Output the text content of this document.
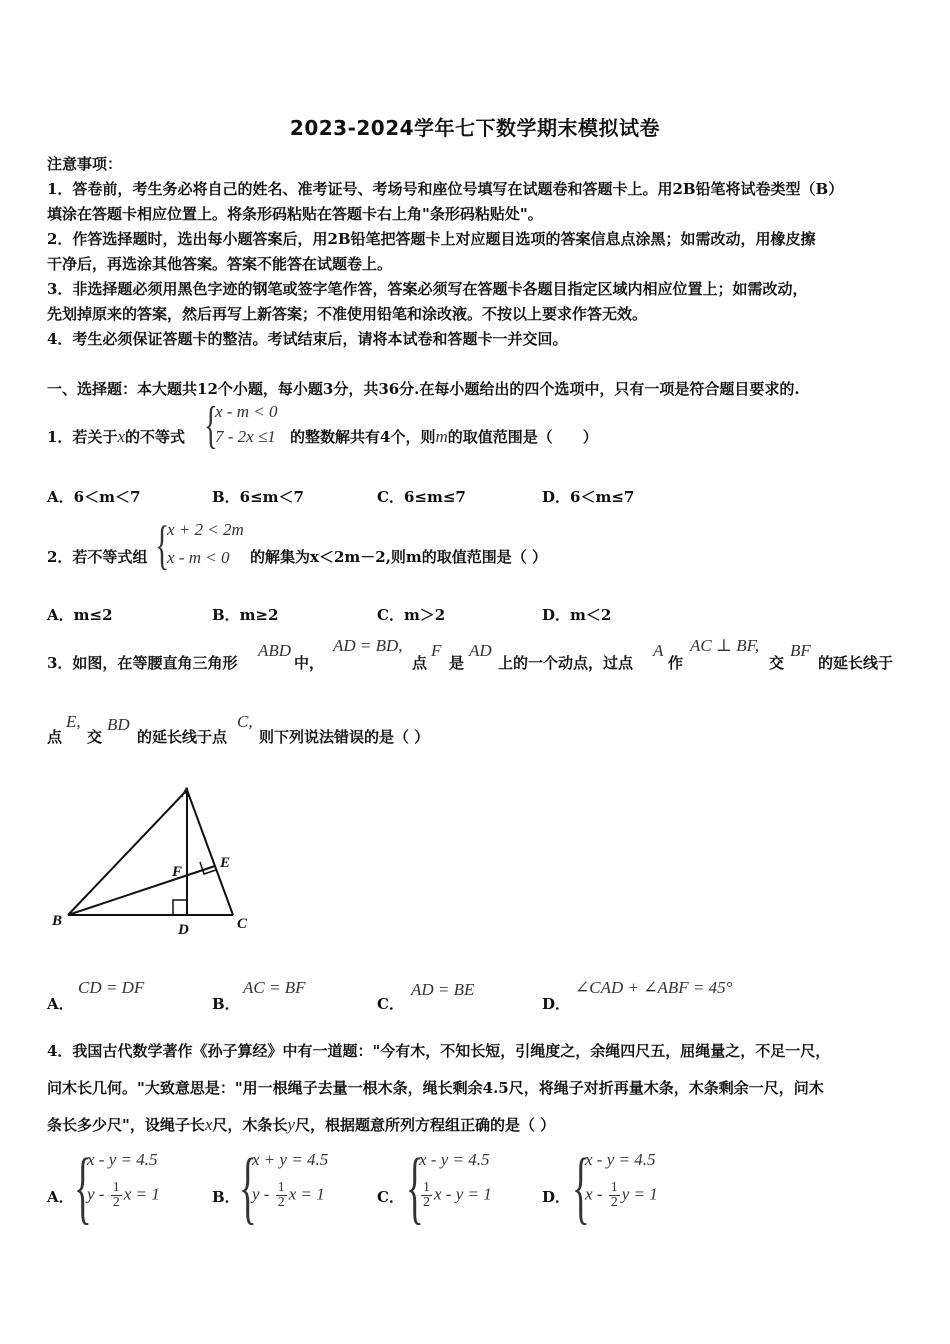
2023-2024学年七下数学期末模拟试卷
注意事项：
1．答卷前，考生务必将自己的姓名、准考证号、考场号和座位号填写在试题卷和答题卡上。用2B铅笔将试卷类型（B）
填涂在答题卡相应位置上。将条形码粘贴在答题卡右上角"条形码粘贴处"。
2．作答选择题时，选出每小题答案后，用2B铅笔把答题卡上对应题目选项的答案信息点涂黑；如需改动，用橡皮擦
干净后，再选涂其他答案。答案不能答在试题卷上。
3．非选择题必须用黑色字迹的钢笔或签字笔作答，答案必须写在答题卡各题目指定区域内相应位置上；如需改动，
先划掉原来的答案，然后再写上新答案；不准使用铅笔和涂改液。不按以上要求作答无效。
4．考生必须保证答题卡的整洁。考试结束后，请将本试卷和答题卡一并交回。
一、选择题：本大题共12个小题，每小题3分，共36分.在每小题给出的四个选项中，只有一项是符合题目要求的.
1．若关于x的不等式 {
x - m < 0
7 - 2x ≤1 的整数解共有4个，则m的取值范围是（　　）
A．6＜m＜7	B．6≤m＜7	C．6≤m≤7	D．6＜m≤7
2．若不等式组 {
x + 2 < 2m
x - m < 0 的解集为x＜2m－2,则m的取值范围是（ ）
A．m≤2	B．m≥2	C．m＞2	D．m＜2
3．如图，在等腰直角三角形
ABD
中，
AD = BD,
点
F
是
AD
上的一个动点，过点
A
作
AC ⊥ BF,
交
BF
的延长线于
点
E,
交
BD
的延长线于点
C,
则下列说法错误的是（ ）
A
B	C
D
E
F
A．
CD = DF
B．
AC = BF
C．
AD = BE
D．
∠CAD + ∠ABF = 45°
4．我国古代数学著作《孙子算经》中有一道题："今有木，不知长短，引绳度之，余绳四尺五，屈绳量之，不足一尺，
问木长几何。"大致意思是："用一根绳子去量一根木条，绳长剩余4.5尺，将绳子对折再量木条，木条剩余一尺，问木
条长多少尺"，设绳子长x尺，木条长y尺，根据题意所列方程组正确的是（ ）
A． {
x - y = 4.5
y - $\frac{1}{2}$ x = 1	B． {
x + y = 4.5
y - $\frac{1}{2}$ x = 1	C． {
x - y = 4.5
$\frac{1}{2}$ x - y = 1	D． {
x - y = 4.5
x - $\frac{1}{2}$ y = 1
